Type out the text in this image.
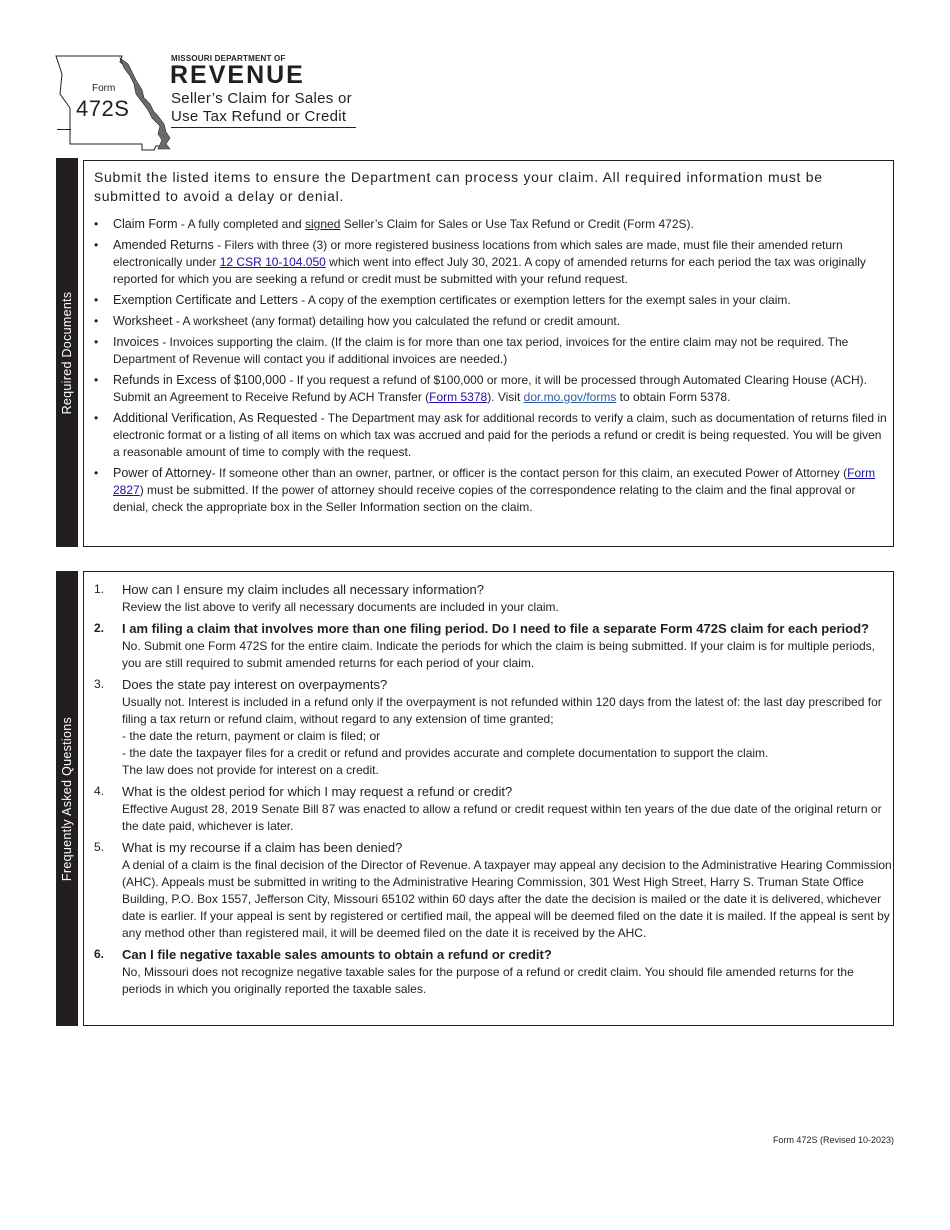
Form
472S
MISSOURI DEPARTMENT OF
REVENUE
Seller’s Claim for Sales or
Use Tax Refund or Credit
Required Documents
Submit the listed items to ensure the Department can process your claim. All required information must be submitted to avoid a delay or denial.
• Claim Form - A fully completed and signed Seller’s Claim for Sales or Use Tax Refund or Credit (Form 472S).
• Amended Returns - Filers with three (3) or more registered business locations from which sales are made, must file their amended return electronically under 12 CSR 10-104.050 which went into effect July 30, 2021. A copy of amended returns for each period the tax was originally reported for which you are seeking a refund or credit must be submitted with your refund request.
• Exemption Certificate and Letters - A copy of the exemption certificates or exemption letters for the exempt sales in your claim.
• Worksheet - A worksheet (any format) detailing how you calculated the refund or credit amount.
• Invoices - Invoices supporting the claim. (If the claim is for more than one tax period, invoices for the entire claim may not be required. The Department of Revenue will contact you if additional invoices are needed.)
• Refunds in Excess of $100,000 - If you request a refund of $100,000 or more, it will be processed through Automated Clearing House (ACH). Submit an Agreement to Receive Refund by ACH Transfer (Form 5378). Visit dor.mo.gov/forms to obtain Form 5378.
• Additional Verification, As Requested - The Department may ask for additional records to verify a claim, such as documentation of returns filed in electronic format or a listing of all items on which tax was accrued and paid for the periods a refund or credit is being requested. You will be given a reasonable amount of time to comply with the request.
• Power of Attorney- If someone other than an owner, partner, or officer is the contact person for this claim, an executed Power of Attorney (Form 2827) must be submitted. If the power of attorney should receive copies of the correspondence relating to the claim and the final approval or denial, check the appropriate box in the Seller Information section on the claim.
Frequently Asked Questions
1. How can I ensure my claim includes all necessary information?
Review the list above to verify all necessary documents are included in your claim.
2. I am filing a claim that involves more than one filing period. Do I need to file a separate Form 472S claim for each period?
No. Submit one Form 472S for the entire claim. Indicate the periods for which the claim is being submitted. If your claim is for multiple periods, you are still required to submit amended returns for each period of your claim.
3. Does the state pay interest on overpayments?
Usually not. Interest is included in a refund only if the overpayment is not refunded within 120 days from the latest of: the last day prescribed for filing a tax return or refund claim, without regard to any extension of time granted;
- the date the return, payment or claim is filed; or
- the date the taxpayer files for a credit or refund and provides accurate and complete documentation to support the claim.
The law does not provide for interest on a credit.
4. What is the oldest period for which I may request a refund or credit?
Effective August 28, 2019 Senate Bill 87 was enacted to allow a refund or credit request within ten years of the due date of the original return or the date paid, whichever is later.
5. What is my recourse if a claim has been denied?
A denial of a claim is the final decision of the Director of Revenue. A taxpayer may appeal any decision to the Administrative Hearing Commission (AHC). Appeals must be submitted in writing to the Administrative Hearing Commission, 301 West High Street, Harry S. Truman State Office Building, P.O. Box 1557, Jefferson City, Missouri 65102 within 60 days after the date the decision is mailed or the date it is delivered, whichever date is earlier. If your appeal is sent by registered or certified mail, the appeal will be deemed filed on the date it is mailed. If the appeal is sent by any method other than registered mail, it will be deemed filed on the date it is received by the AHC.
6. Can I file negative taxable sales amounts to obtain a refund or credit?
No, Missouri does not recognize negative taxable sales for the purpose of a refund or credit claim. You should file amended returns for the periods in which you originally reported the taxable sales.
Form 472S (Revised 10-2023)
